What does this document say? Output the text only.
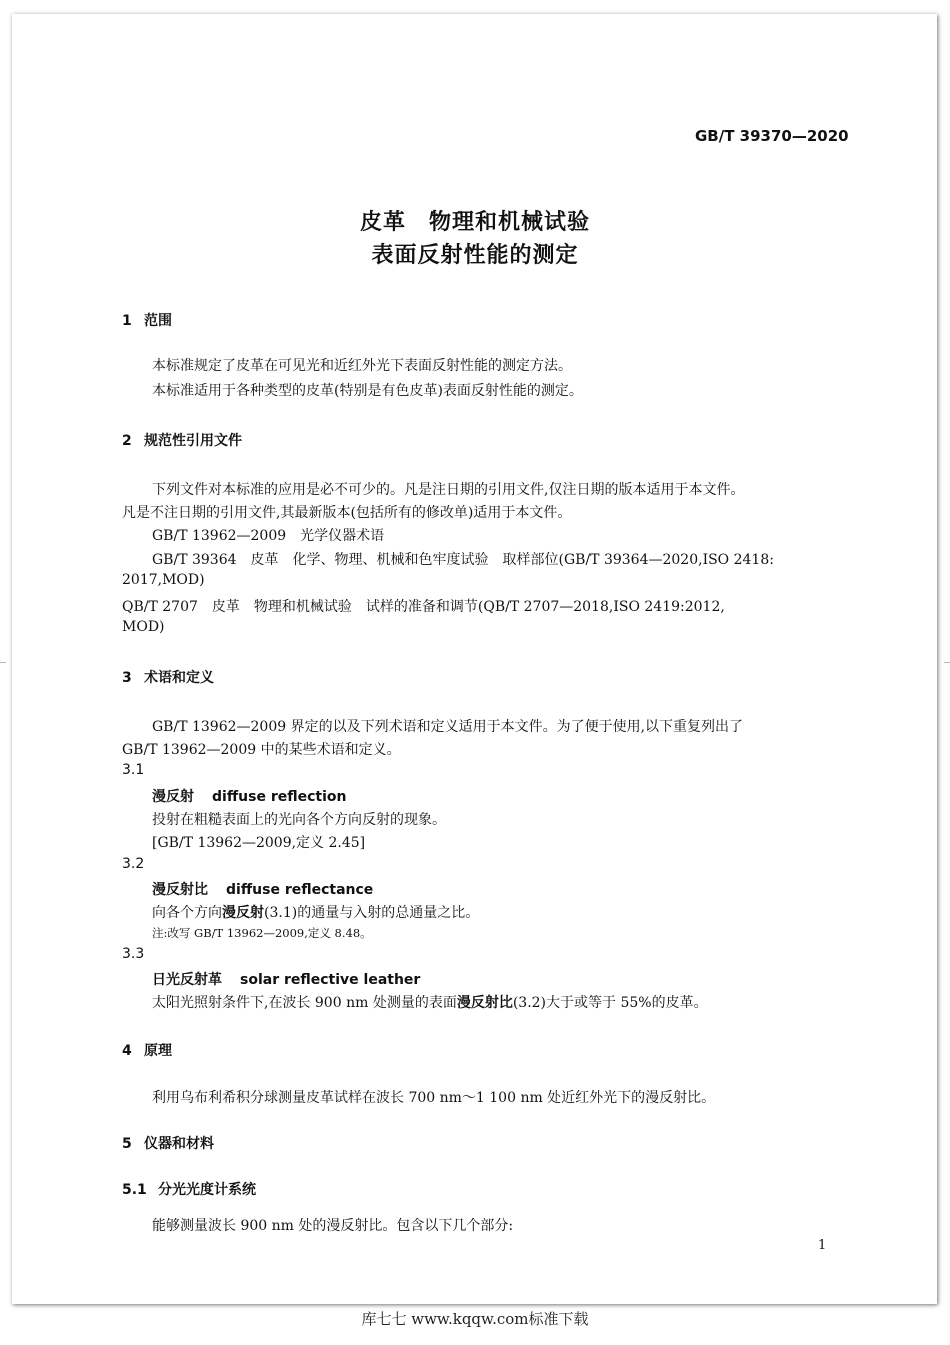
GB/T 39370—2020
皮革　物理和机械试验
表面反射性能的测定
1 范围
本标准规定了皮革在可见光和近红外光下表面反射性能的测定方法。
本标准适用于各种类型的皮革(特别是有色皮革)表面反射性能的测定。
2 规范性引用文件
下列文件对本标准的应用是必不可少的。凡是注日期的引用文件,仅注日期的版本适用于本文件。
凡是不注日期的引用文件,其最新版本(包括所有的修改单)适用于本文件。
GB/T 13962—2009　光学仪器术语
GB/T 39364　皮革　化学、物理、机械和色牢度试验　取样部位(GB/T 39364—2020,ISO 2418:
2017,MOD)
QB/T 2707　皮革　物理和机械试验　试样的准备和调节(QB/T 2707—2018,ISO 2419:2012,
MOD)
3 术语和定义
GB/T 13962—2009 界定的以及下列术语和定义适用于本文件。为了便于使用,以下重复列出了
GB/T 13962—2009 中的某些术语和定义。
3.1
漫反射 diffuse reflection
投射在粗糙表面上的光向各个方向反射的现象。
[GB/T 13962—2009,定义 2.45]
3.2
漫反射比 diffuse reflectance
向各个方向漫反射(3.1)的通量与入射的总通量之比。
注:改写 GB/T 13962—2009,定义 8.48。
3.3
日光反射革 solar reflective leather
太阳光照射条件下,在波长 900 nm 处测量的表面漫反射比(3.2)大于或等于 55%的皮革。
4 原理
利用乌布利希积分球测量皮革试样在波长 700 nm～1 100 nm 处近红外光下的漫反射比。
5 仪器和材料
5.1 分光光度计系统
能够测量波长 900 nm 处的漫反射比。包含以下几个部分:
1
库七七 www.kqqw.com标准下载
